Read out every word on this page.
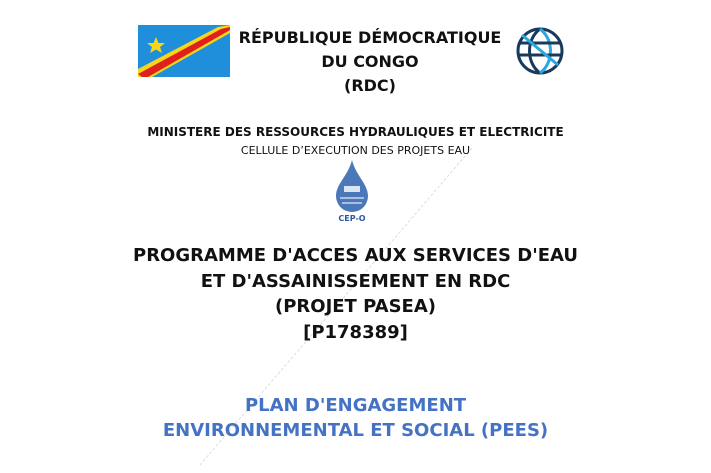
RÉPUBLIQUE DÉMOCRATIQUE
DU CONGO
(RDC)
MINISTERE DES RESSOURCES HYDRAULIQUES ET ELECTRICITE
CELLULE D’EXECUTION DES PROJETS EAU
CEP-O
PROGRAMME D'ACCES AUX SERVICES D'EAU
ET D'ASSAINISSEMENT EN RDC
(PROJET PASEA)
[P178389]
PLAN D'ENGAGEMENT
ENVIRONNEMENTAL ET SOCIAL (PEES)
